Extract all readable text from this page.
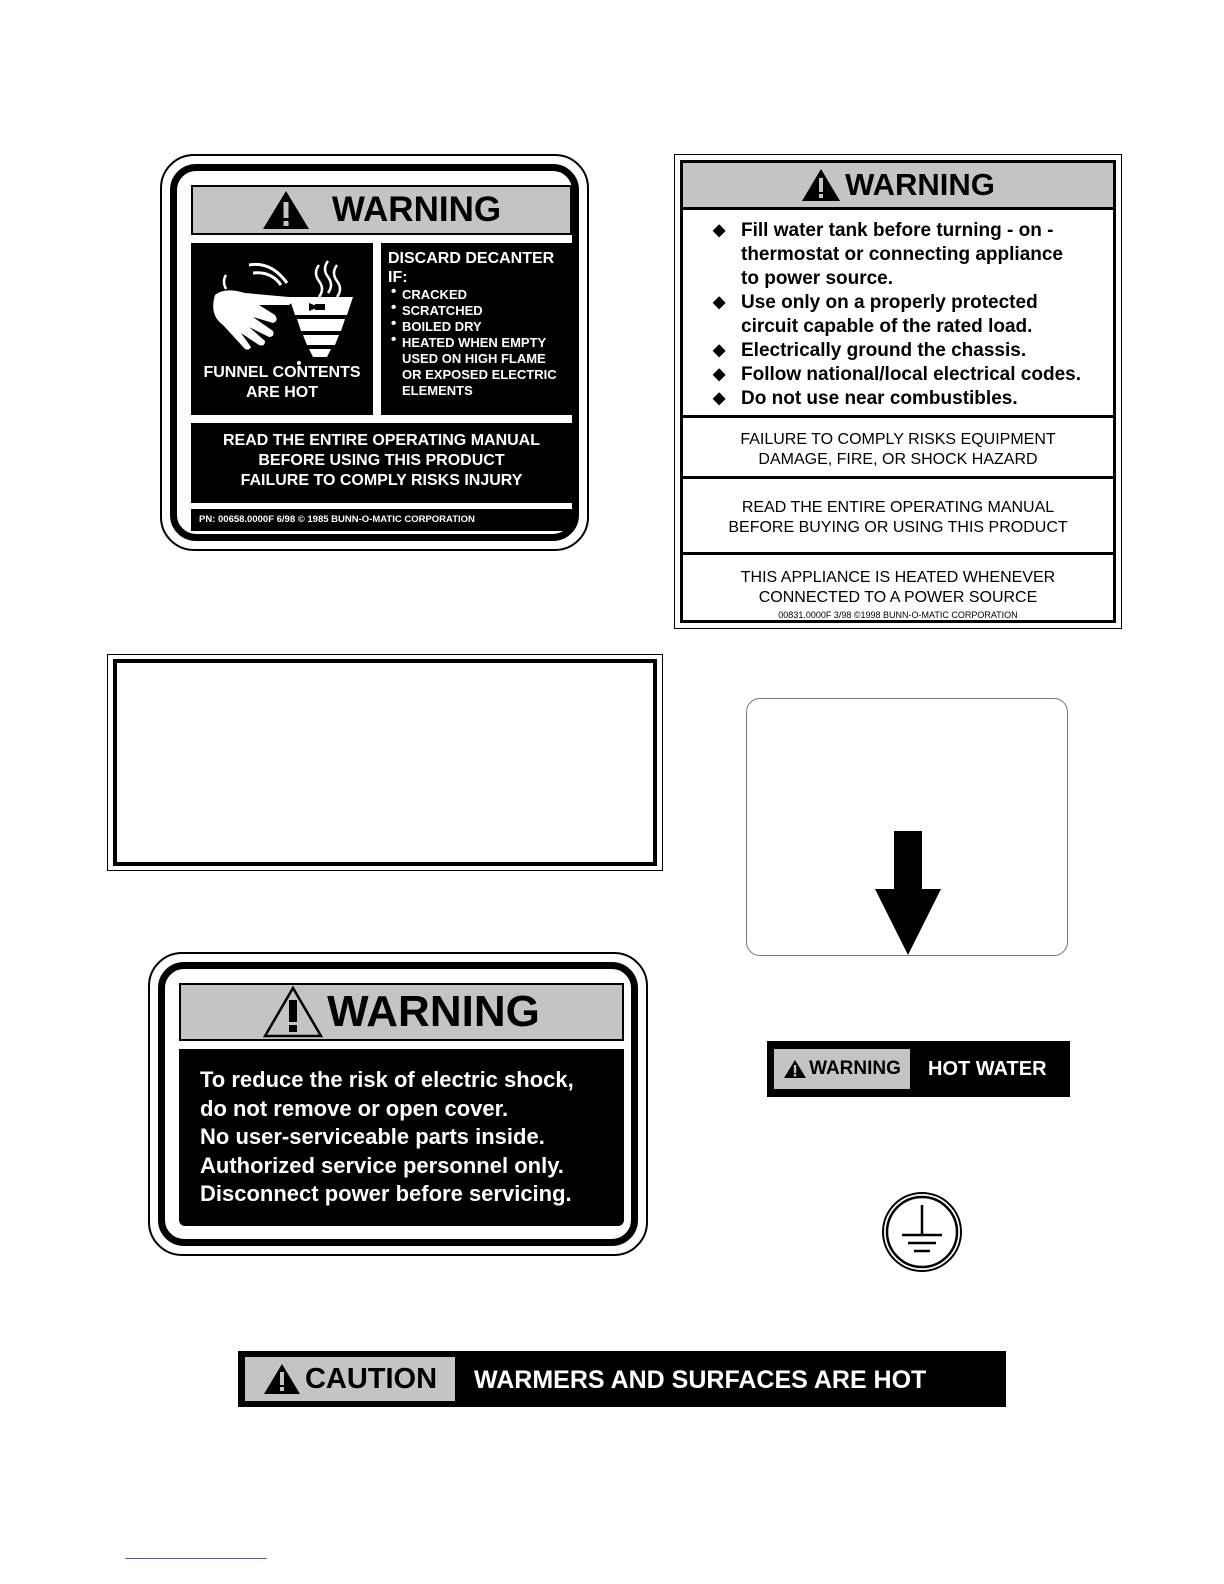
WARNING
FUNNEL CONTENTS
ARE HOT
DISCARD DECANTER
IF:
• CRACKED
• SCRATCHED
• BOILED DRY
• HEATED WHEN EMPTY
USED ON HIGH FLAME
OR EXPOSED ELECTRIC
ELEMENTS
READ THE ENTIRE OPERATING MANUAL
BEFORE USING THIS PRODUCT
FAILURE TO COMPLY RISKS INJURY
PN: 00658.0000F 6/98 © 1985 BUNN-O-MATIC CORPORATION
WARNING
◆ Fill water tank before turning - on -
thermostat or connecting appliance
to power source.
◆ Use only on a properly protected
circuit capable of the rated load.
◆ Electrically ground the chassis.
◆ Follow national/local electrical codes.
◆ Do not use near combustibles.
FAILURE TO COMPLY RISKS EQUIPMENT
DAMAGE, FIRE, OR SHOCK HAZARD
READ THE ENTIRE OPERATING MANUAL
BEFORE BUYING OR USING THIS PRODUCT
THIS APPLIANCE IS HEATED WHENEVER
CONNECTED TO A POWER SOURCE
00831.0000F 3/98 ©1998 BUNN-O-MATIC CORPORATION
WARNING
To reduce the risk of electric shock,
do not remove or open cover.
No user-serviceable parts inside.
Authorized service personnel only.
Disconnect power before servicing.
WARNING HOT WATER
CAUTION WARMERS AND SURFACES ARE HOT
